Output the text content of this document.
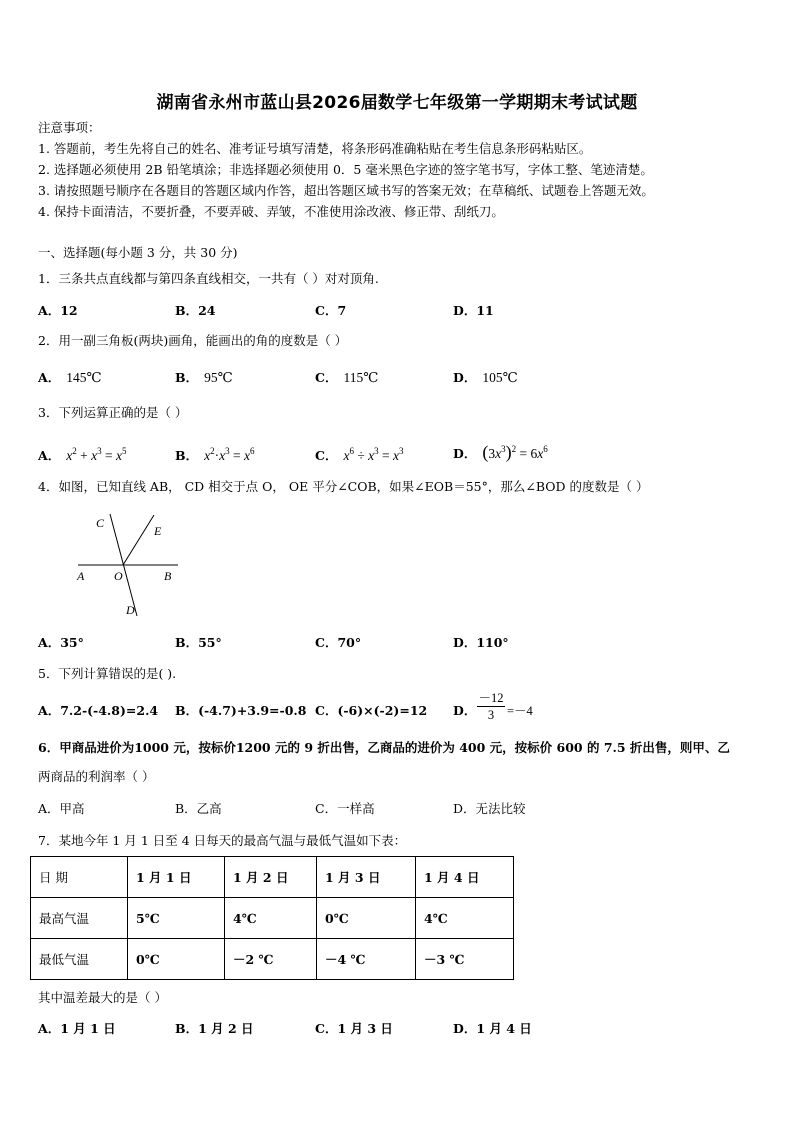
湖南省永州市蓝山县2026届数学七年级第一学期期末考试试题
注意事项：
1. 答题前，考生先将自己的姓名、准考证号填写清楚，将条形码准确粘贴在考生信息条形码粘贴区。
2. 选择题必须使用 2B 铅笔填涂；非选择题必须使用 0．5 毫米黑色字迹的签字笔书写，字体工整、笔迹清楚。
3. 请按照题号顺序在各题目的答题区域内作答，超出答题区域书写的答案无效；在草稿纸、试题卷上答题无效。
4. 保持卡面清洁，不要折叠，不要弄破、弄皱，不准使用涂改液、修正带、刮纸刀。
一、选择题(每小题 3 分，共 30 分)
1．三条共点直线都与第四条直线相交，一共有（ ）对对顶角.
A．12	B．24	C．7	D．11
2．用一副三角板(两块)画角，能画出的角的度数是（ ）
A． 145℃	B． 95℃	C． 115℃	D． 105℃
3．下列运算正确的是（ ）
A． $x^2 + x^3 = x^5$	B． $x^2\cdot x^3 = x^6$	C． $x^6 \div x^3 = x^3$	D． $(3x^3)^2 = 6x^6$
4．如图，已知直线 AB， CD 相交于点 O， OE 平分∠COB，如果∠EOB＝55°，那么∠BOD 的度数是（ ）
C
E
A O	B
D
A．35°	B．55°	C．70°	D．110°
5．下列计算错误的是( ).
A．7.2-(-4.8)=2.4 B．(-4.7)+3.9=-0.8 C．(-6)×(-2)=12 D． $\frac{-12}{3} =-4$
6．甲商品进价为1000 元，按标价1200 元的 9 折出售，乙商品的进价为 400 元，按标价 600 的 7.5 折出售，则甲、乙
两商品的利润率（ ）
A．甲高	B．乙高	C．一样高	D．无法比较
7．某地今年 1 月 1 日至 4 日每天的最高气温与最低气温如下表：
日 期	1 月 1 日	1 月 2 日	1 月 3 日	1 月 4 日
最高气温	5℃	4℃	0℃	4℃
最低气温	0℃	－2 ℃	－4 ℃	－3 ℃
其中温差最大的是（ ）
A．1 月 1 日	B．1 月 2 日	C．1 月 3 日	D．1 月 4 日
